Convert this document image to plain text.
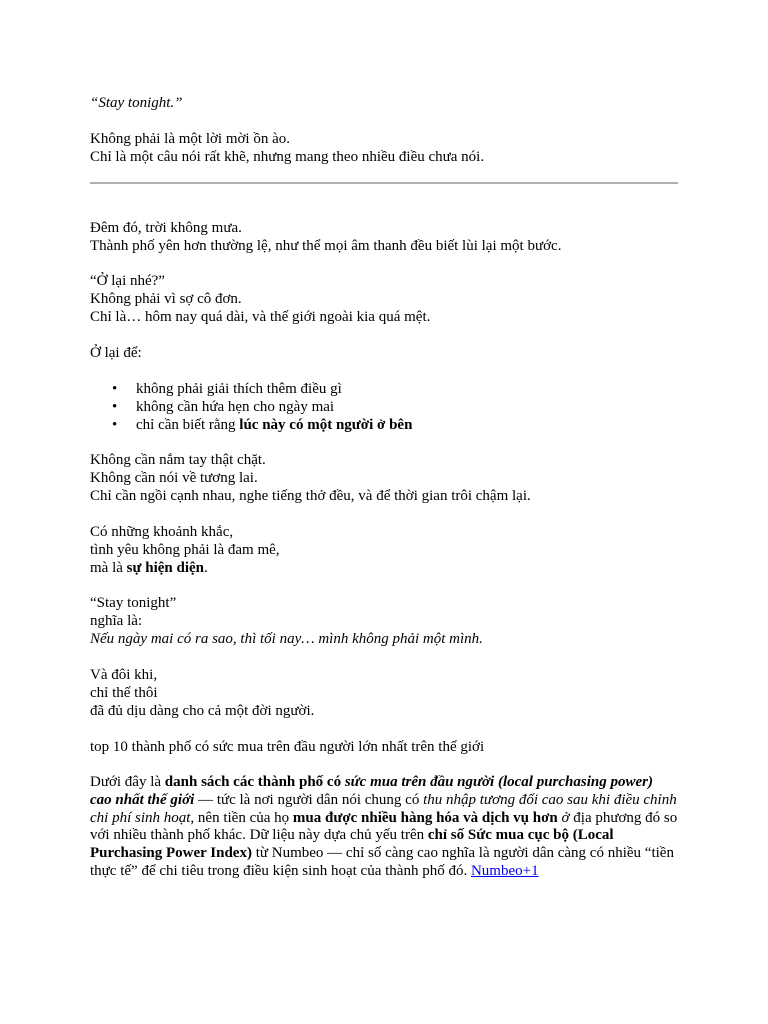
“Stay tonight.”

Không phải là một lời mời ồn ào.

Chỉ là một câu nói rất khẽ, nhưng mang theo nhiều điều chưa nói.

Đêm đó, trời không mưa.

Thành phố yên hơn thường lệ, như thể mọi âm thanh đều biết lùi lại một bước.

“Ở lại nhé?”

Không phải vì sợ cô đơn.

Chỉ là… hôm nay quá dài, và thế giới ngoài kia quá mệt.

Ở lại để:

• không phải giải thích thêm điều gì
• không cần hứa hẹn cho ngày mai
• chỉ cần biết rằng lúc này có một người ở bên

Không cần nắm tay thật chặt.

Không cần nói về tương lai.

Chỉ cần ngồi cạnh nhau, nghe tiếng thở đều, và để thời gian trôi chậm lại.

Có những khoảnh khắc,

tình yêu không phải là đam mê,

mà là sự hiện diện.

“Stay tonight”

nghĩa là:

Nếu ngày mai có ra sao, thì tối nay… mình không phải một mình.

Và đôi khi,

chỉ thế thôi

đã đủ dịu dàng cho cả một đời người.

top 10 thành phố có sức mua trên đầu người lớn nhất trên thế giới

Dưới đây là danh sách các thành phố có sức mua trên đầu người (local purchasing power) cao nhất thế giới — tức là nơi người dân nói chung có thu nhập tương đối cao sau khi điều chỉnh chi phí sinh hoạt, nên tiền của họ mua được nhiều hàng hóa và dịch vụ hơn ở địa phương đó so với nhiều thành phố khác. Dữ liệu này dựa chủ yếu trên chỉ số Sức mua cục bộ (Local Purchasing Power Index) từ Numbeo — chỉ số càng cao nghĩa là người dân càng có nhiều “tiền thực tế” để chi tiêu trong điều kiện sinh hoạt của thành phố đó. Numbeo+1
